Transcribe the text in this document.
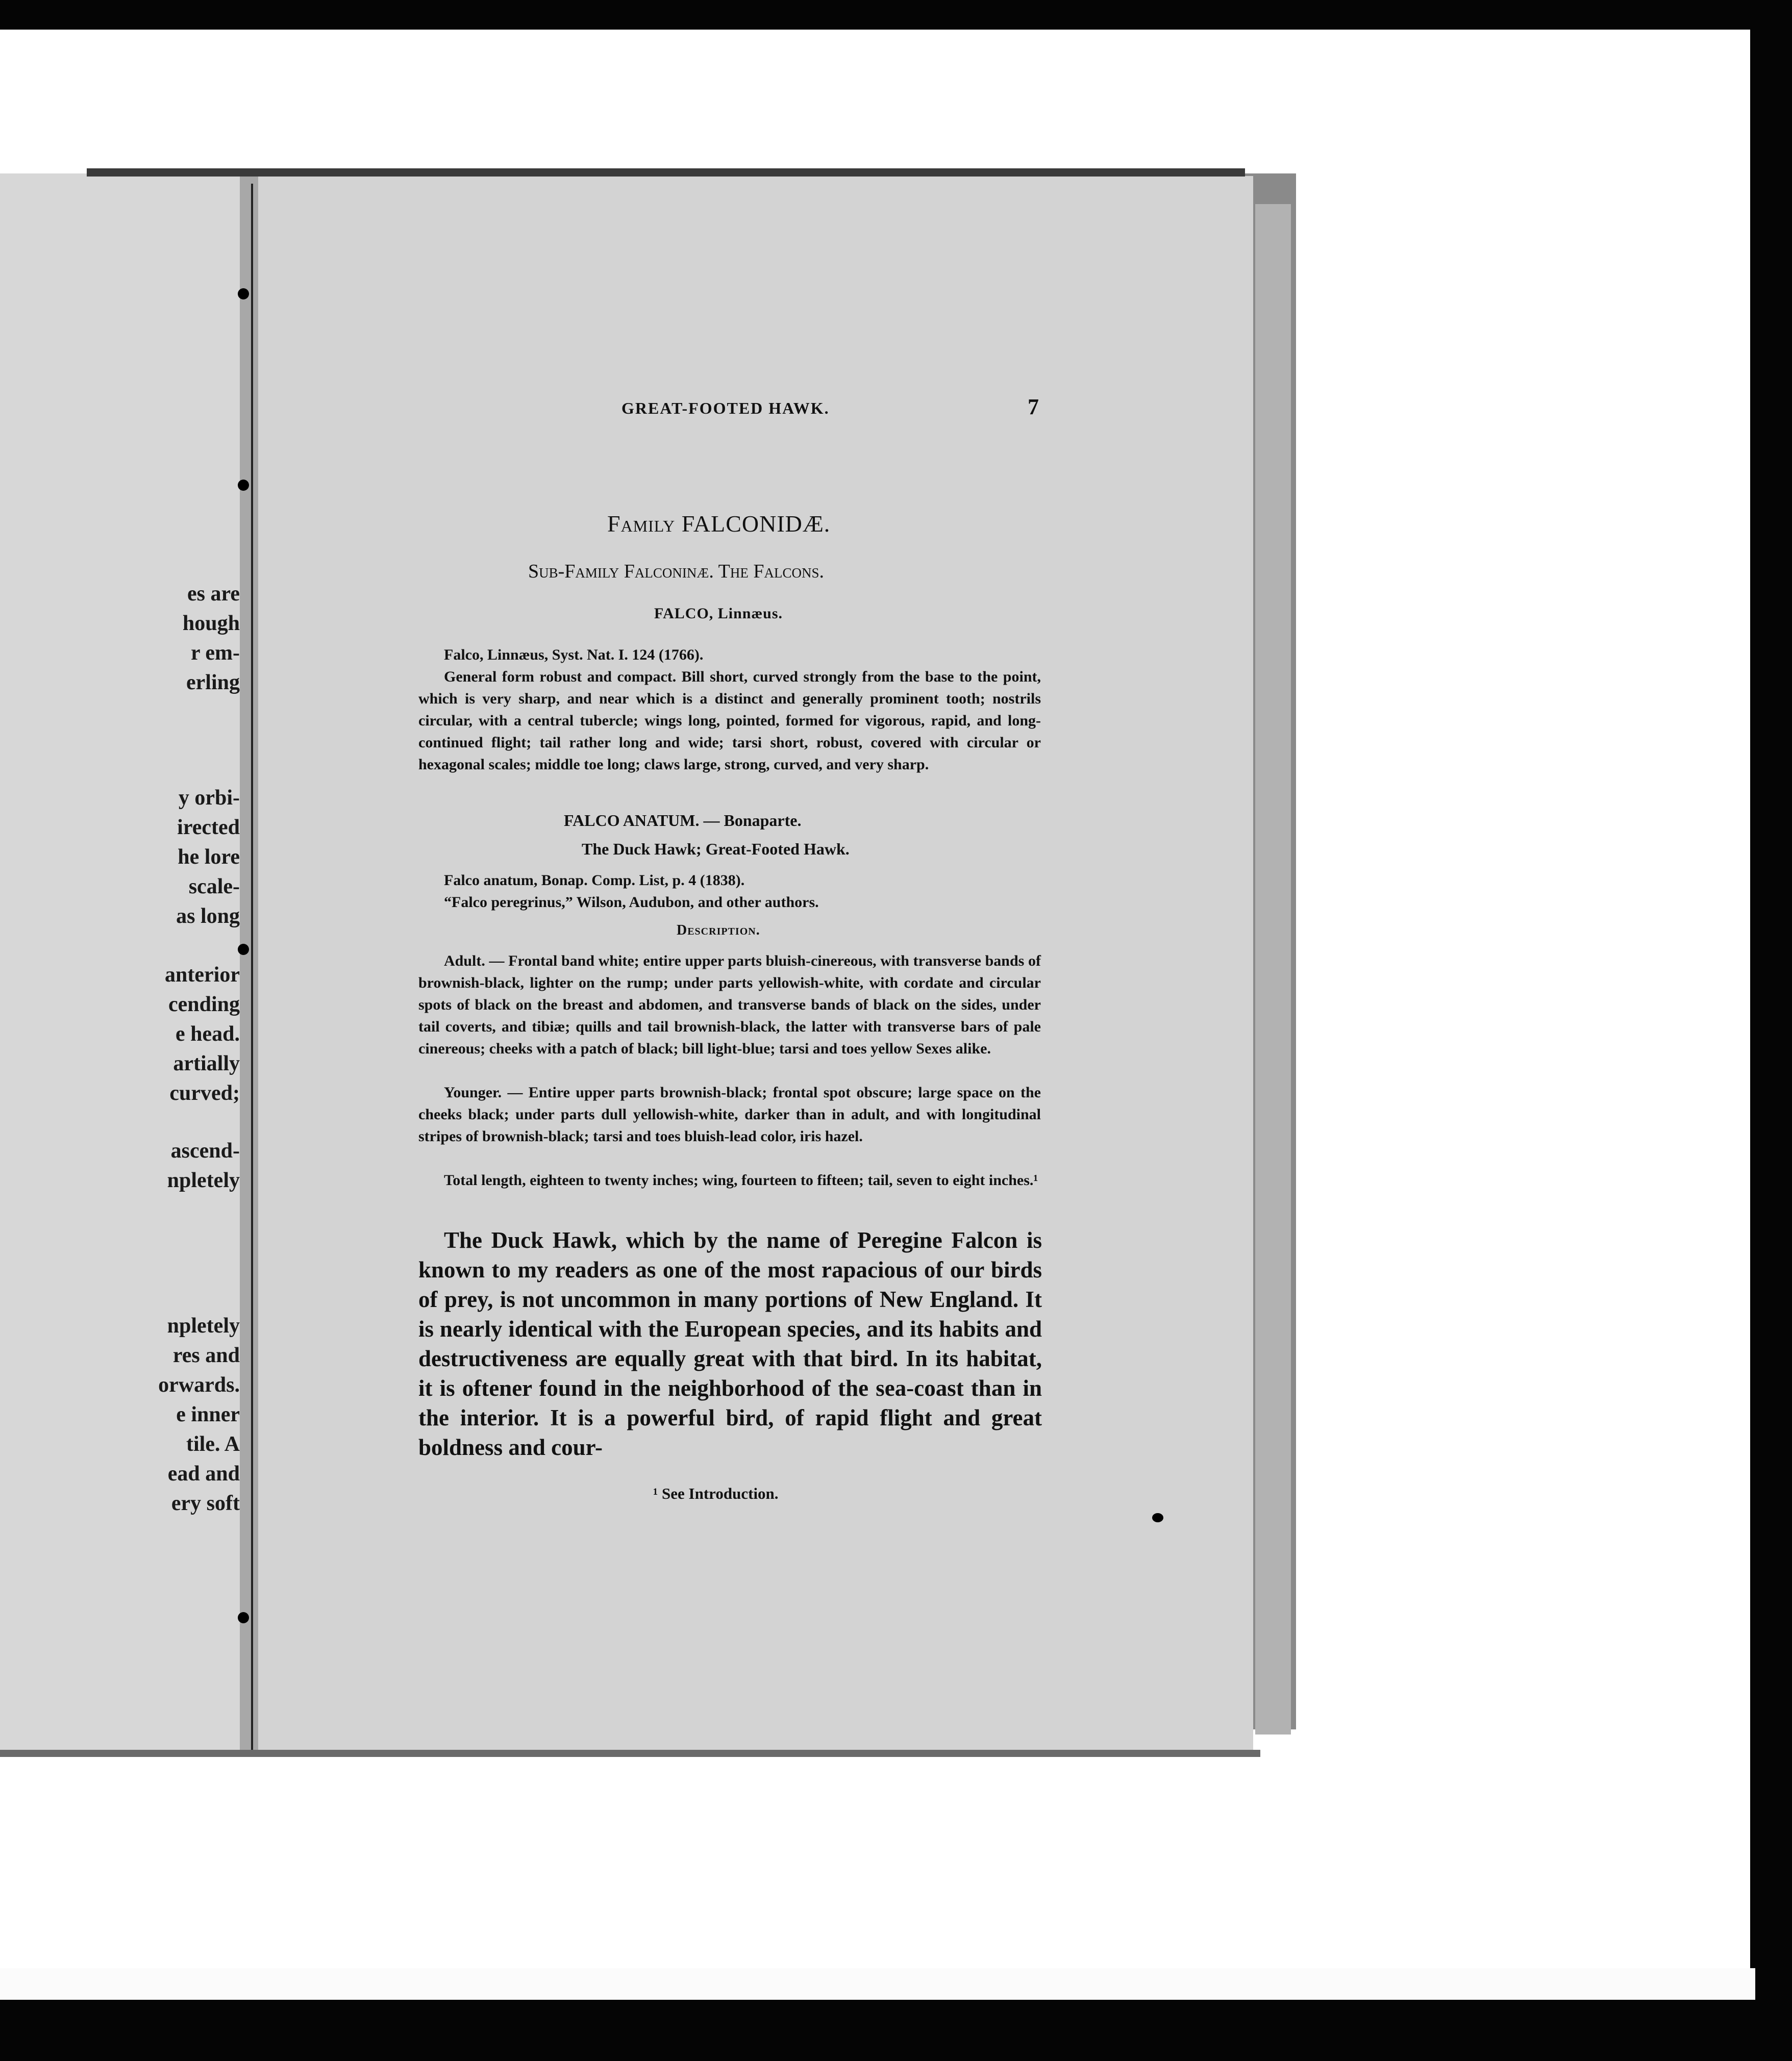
es are
hough
r em-
erling
y orbi-
irected
he lore
scale-
as long
anterior
cending
e head.
artially
curved;
ascend-
npletely
npletely
res and
orwards.
e inner
tile. A
ead and
ery soft
GREAT-FOOTED HAWK.	7
Family FALCONIDÆ.
Sub-Family Falconinæ. The Falcons.
FALCO, Linnæus.
Falco, Linnæus, Syst. Nat. I. 124 (1766).
General form robust and compact. Bill short, curved strongly from the base to the point, which is very sharp, and near which is a distinct and generally prominent tooth; nostrils circular, with a central tubercle; wings long, pointed, formed for vigorous, rapid, and long-continued flight; tail rather long and wide; tarsi short, robust, covered with circular or hexagonal scales; middle toe long; claws large, strong, curved, and very sharp.
FALCO ANATUM. — Bonaparte.
The Duck Hawk; Great-Footed Hawk.
Falco anatum, Bonap. Comp. List, p. 4 (1838).
“Falco peregrinus,” Wilson, Audubon, and other authors.
Description.
Adult. — Frontal band white; entire upper parts bluish-cinereous, with transverse bands of brownish-black, lighter on the rump; under parts yellowish-white, with cordate and circular spots of black on the breast and abdomen, and transverse bands of black on the sides, under tail coverts, and tibiæ; quills and tail brownish-black, the latter with transverse bars of pale cinereous; cheeks with a patch of black; bill light-blue; tarsi and toes yellow Sexes alike.
Younger. — Entire upper parts brownish-black; frontal spot obscure; large space on the cheeks black; under parts dull yellowish-white, darker than in adult, and with longitudinal stripes of brownish-black; tarsi and toes bluish-lead color, iris hazel.
Total length, eighteen to twenty inches; wing, fourteen to fifteen; tail, seven to eight inches.¹
The Duck Hawk, which by the name of Peregine Falcon is known to my readers as one of the most rapacious of our birds of prey, is not uncommon in many portions of New England. It is nearly identical with the European species, and its habits and destructiveness are equally great with that bird. In its habitat, it is oftener found in the neighborhood of the sea-coast than in the interior. It is a powerful bird, of rapid flight and great boldness and cour-
¹ See Introduction.
